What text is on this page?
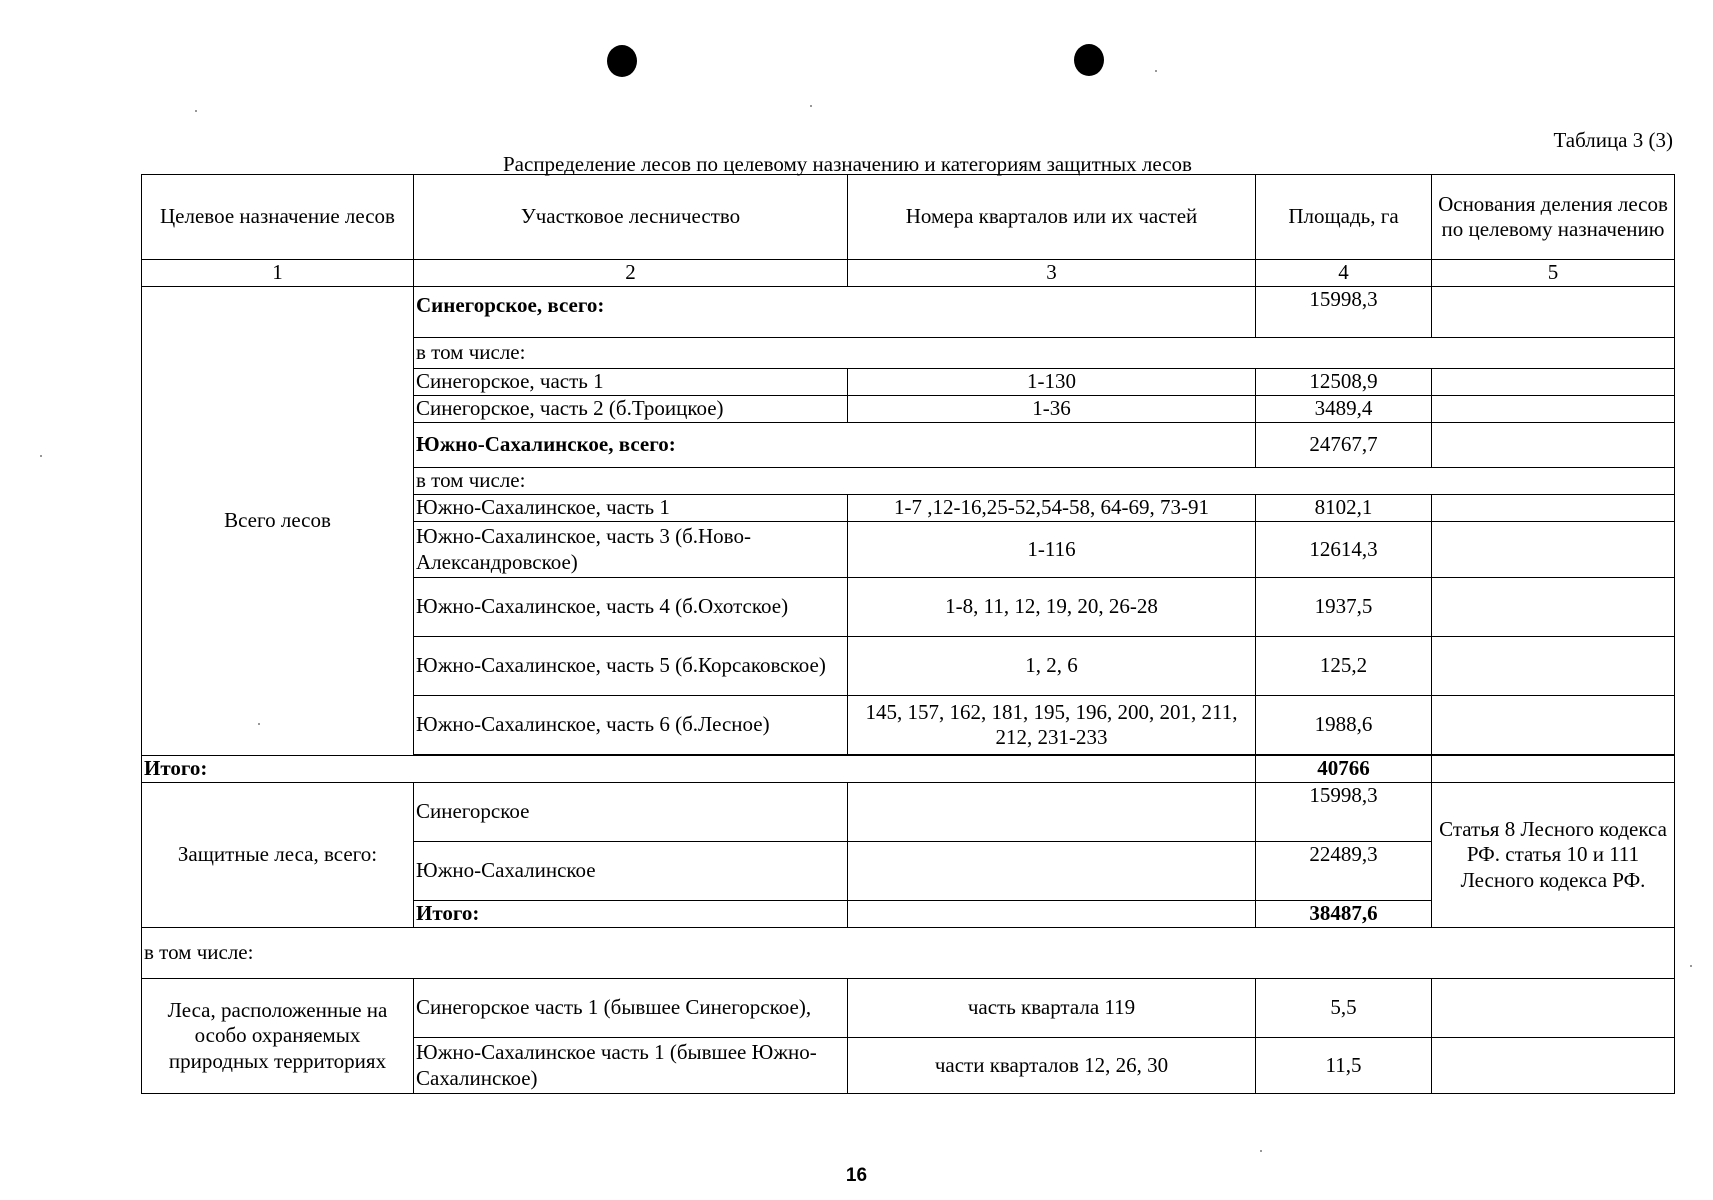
Таблица 3 (3)
Распределение лесов по целевому назначению и категориям защитных лесов
Целевое назначение лесов	Участковое лесничество	Номера кварталов или их частей	Площадь, га	Основания деления лесов по целевому назначению
1	2	3	4	5
Всего лесов	Синегорское, всего:		15998,3	
	в том числе:			
	Синегорское, часть 1	1-130	12508,9	
	Синегорское, часть 2 (б.Троицкое)	1-36	3489,4	
	Южно-Сахалинское, всего:		24767,7	
	в том числе:			
	Южно-Сахалинское, часть 1	1-7 ,12-16,25-52,54-58, 64-69, 73-91	8102,1	
	Южно-Сахалинское, часть 3 (б.Ново-Александровское)	1-116	12614,3	
	Южно-Сахалинское, часть 4 (б.Охотское)	1-8, 11, 12, 19, 20, 26-28	1937,5	
	Южно-Сахалинское, часть 5 (б.Корсаковское)	1, 2, 6	125,2	
	Южно-Сахалинское, часть 6 (б.Лесное)	145, 157, 162, 181, 195, 196, 200, 201, 211, 212, 231-233	1988,6	

Итого:			40766	
Защитные леса, всего:	Синегорское		15998,3	Статья 8 Лесного кодекса РФ. статья 10 и 111 Лесного кодекса РФ.
	Южно-Сахалинское		22489,3	
	Итого:		38487,6	
в том числе:				
Леса, расположенные на особо охраняемых природных территориях	Синегорское часть 1 (бывшее Синегорское),	часть квартала 119	5,5	
	Южно-Сахалинское часть 1 (бывшее Южно-Сахалинское)	части кварталов 12, 26, 30	11,5	
16
